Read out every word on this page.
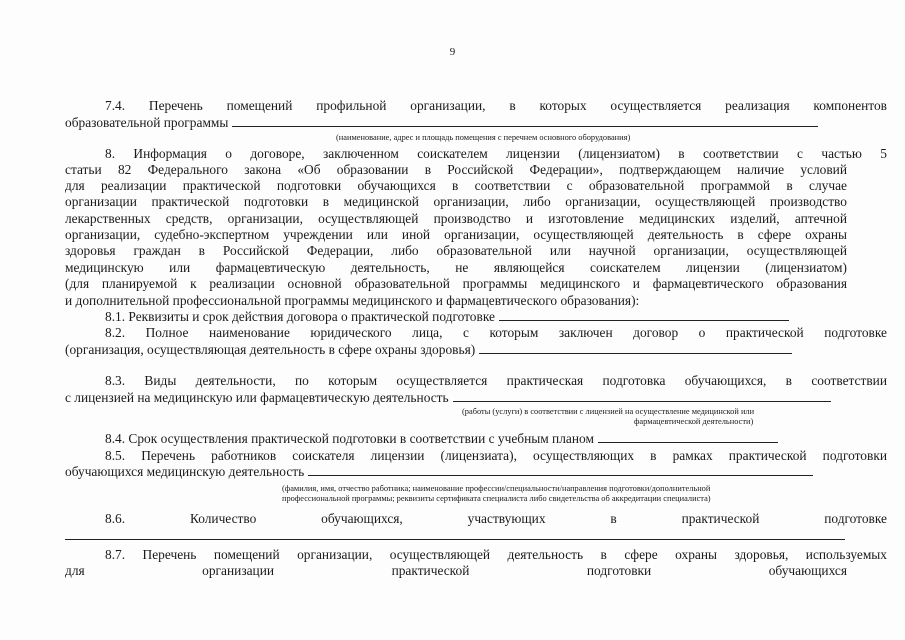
9
7.4. Перечень помещений профильной организации, в которых осуществляется реализация компонентов
образовательной программы
(наименование, адрес и площадь помещения с перечнем основного оборудования)
8. Информация о договоре, заключенном соискателем лицензии (лицензиатом) в соответствии с частью 5
статьи 82 Федерального закона «Об образовании в Российской Федерации», подтверждающем наличие условий
для реализации практической подготовки обучающихся в соответствии с образовательной программой в случае
организации практической подготовки в медицинской организации, либо организации, осуществляющей производство
лекарственных средств, организации, осуществляющей производство и изготовление медицинских изделий, аптечной
организации, судебно-экспертном учреждении или иной организации, осуществляющей деятельность в сфере охраны
здоровья граждан в Российской Федерации, либо образовательной или научной организации, осуществляющей
медицинскую или фармацевтическую деятельность, не являющейся соискателем лицензии (лицензиатом)
(для планируемой к реализации основной образовательной программы медицинского и фармацевтического образования
и дополнительной профессиональной программы медицинского и фармацевтического образования):
8.1. Реквизиты и срок действия договора о практической подготовке
8.2. Полное наименование юридического лица, с которым заключен договор о практической подготовке
(организация, осуществляющая деятельность в сфере охраны здоровья)
8.3. Виды деятельности, по которым осуществляется практическая подготовка обучающихся, в соответствии
с лицензией на медицинскую или фармацевтическую деятельность
(работы (услуги) в соответствии с лицензией на осуществление медицинской или
фармацевтической деятельности)
8.4. Срок осуществления практической подготовки в соответствии с учебным планом
8.5. Перечень работников соискателя лицензии (лицензиата), осуществляющих в рамках практической подготовки
обучающихся медицинскую деятельность
(фамилия, имя, отчество работника; наименование профессии/специальности/направления подготовки/дополнительной
профессиональной программы; реквизиты сертификата специалиста либо свидетельства об аккредитации специалиста)
8.6. Количество обучающихся, участвующих в практической подготовке
8.7. Перечень помещений организации, осуществляющей деятельность в сфере охраны здоровья, используемых
для организации практической подготовки обучающихся
